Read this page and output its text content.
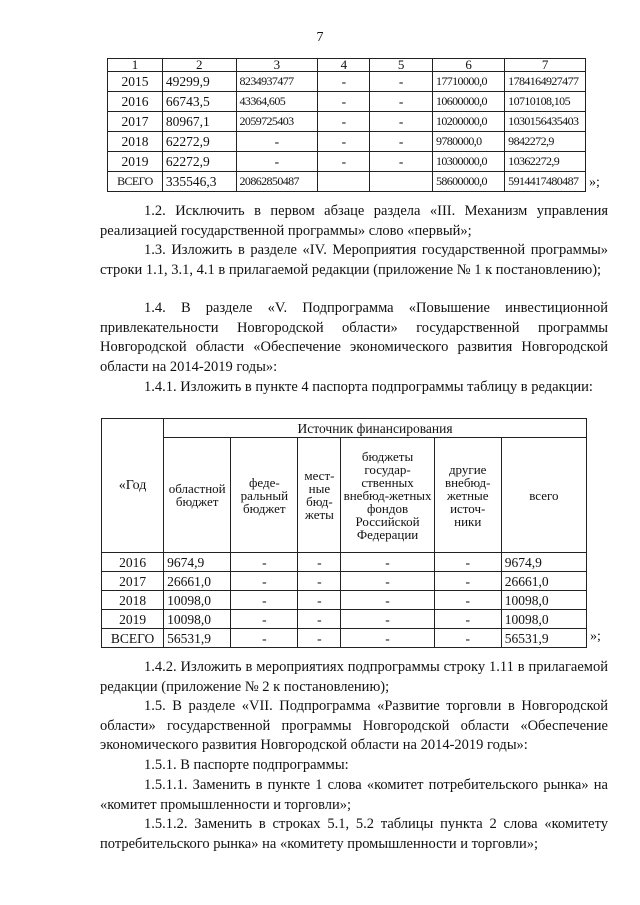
7
1	2	3	4	5	6	7
2015	49299,9	8234937477	-	-	17710000,0	1784164927477
2016	66743,5	43364,605	-	-	10600000,0	10710108,105
2017	80967,1	2059725403	-	-	10200000,0	1030156435403
2018	62272,9	-	-	-	9780000,0	9842272,9
2019	62272,9	-	-	-	10300000,0	10362272,9
ВСЕГО	335546,3	20862850487			58600000,0	5914417480487 »;
1.2. Исключить в первом абзаце раздела «III. Механизм управления реализацией государственной программы» слово «первый»;
1.3. Изложить в разделе «IV. Мероприятия государственной программы» строки 1.1, 3.1, 4.1 в прилагаемой редакции (приложение № 1 к постановлению);
1.4. В разделе «V. Подпрограмма «Повышение инвестиционной привлекательности Новгородской области» государственной программы Новгородской области «Обеспечение экономического развития Новгородской области на 2014-2019 годы»:
1.4.1. Изложить в пункте 4 паспорта подпрограммы таблицу в редакции:
«Год	Источник финансирования					
	областной бюджет	феде-ральный бюджет	мест-ные бюд-жеты	бюджеты государ-ственных внебюд-жетных фондов Российской Федерации	другие внебюд-жетные источ-ники	всего
2016	9674,9	-	-	-	-	9674,9
2017	26661,0	-	-	-	-	26661,0
2018	10098,0	-	-	-	-	10098,0
2019	10098,0	-	-	-	-	10098,0
ВСЕГО	56531,9	-	-	-	-	56531,9	»;
1.4.2. Изложить в мероприятиях подпрограммы строку 1.11 в прилагаемой редакции (приложение № 2 к постановлению);
1.5. В разделе «VII. Подпрограмма «Развитие торговли в Новгородской области» государственной программы Новгородской области «Обеспечение экономического развития Новгородской области на 2014-2019 годы»:
1.5.1. В паспорте подпрограммы:
1.5.1.1. Заменить в пункте 1 слова «комитет потребительского рынка» на «комитет промышленности и торговли»;
1.5.1.2. Заменить в строках 5.1, 5.2 таблицы пункта 2 слова «комитету потребительского рынка» на «комитету промышленности и торговли»;
